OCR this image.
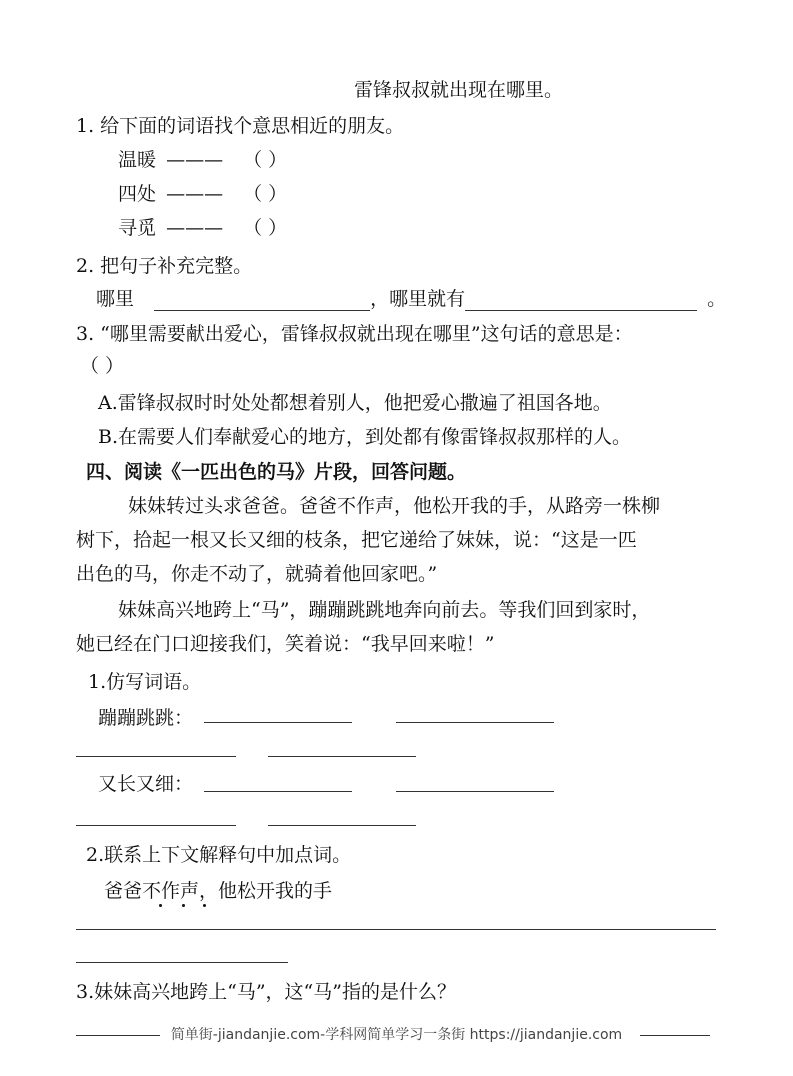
雷锋叔叔就出现在哪里。
1. 给下面的词语找个意思相近的朋友。
温暖 ——— （ ）
四处 ——— （ ）
寻觅 ——— （ ）
2. 把句子补充完整。
哪里	，哪里就有	。
3. “哪里需要献出爱心，雷锋叔叔就出现在哪里”这句话的意思是：
（ ）
A.雷锋叔叔时时处处都想着别人，他把爱心撒遍了祖国各地。
B.在需要人们奉献爱心的地方，到处都有像雷锋叔叔那样的人。
四、阅读《一匹出色的马》片段，回答问题。
妹妹转过头求爸爸。爸爸不作声，他松开我的手，从路旁一株柳
树下，拾起一根又长又细的枝条，把它递给了妹妹，说：“这是一匹
出色的马，你走不动了，就骑着他回家吧。”
妹妹高兴地跨上“马”，蹦蹦跳跳地奔向前去。等我们回到家时，
她已经在门口迎接我们，笑着说：“我早回来啦！”
1.仿写词语。
蹦蹦跳跳：
又长又细：
2.联系上下文解释句中加点词。
爸爸不作声，他松开我的手
3.妹妹高兴地跨上“马”，这“马”指的是什么？
简单街-jiandanjie.com-学科网简单学习一条街 https://jiandanjie.com
